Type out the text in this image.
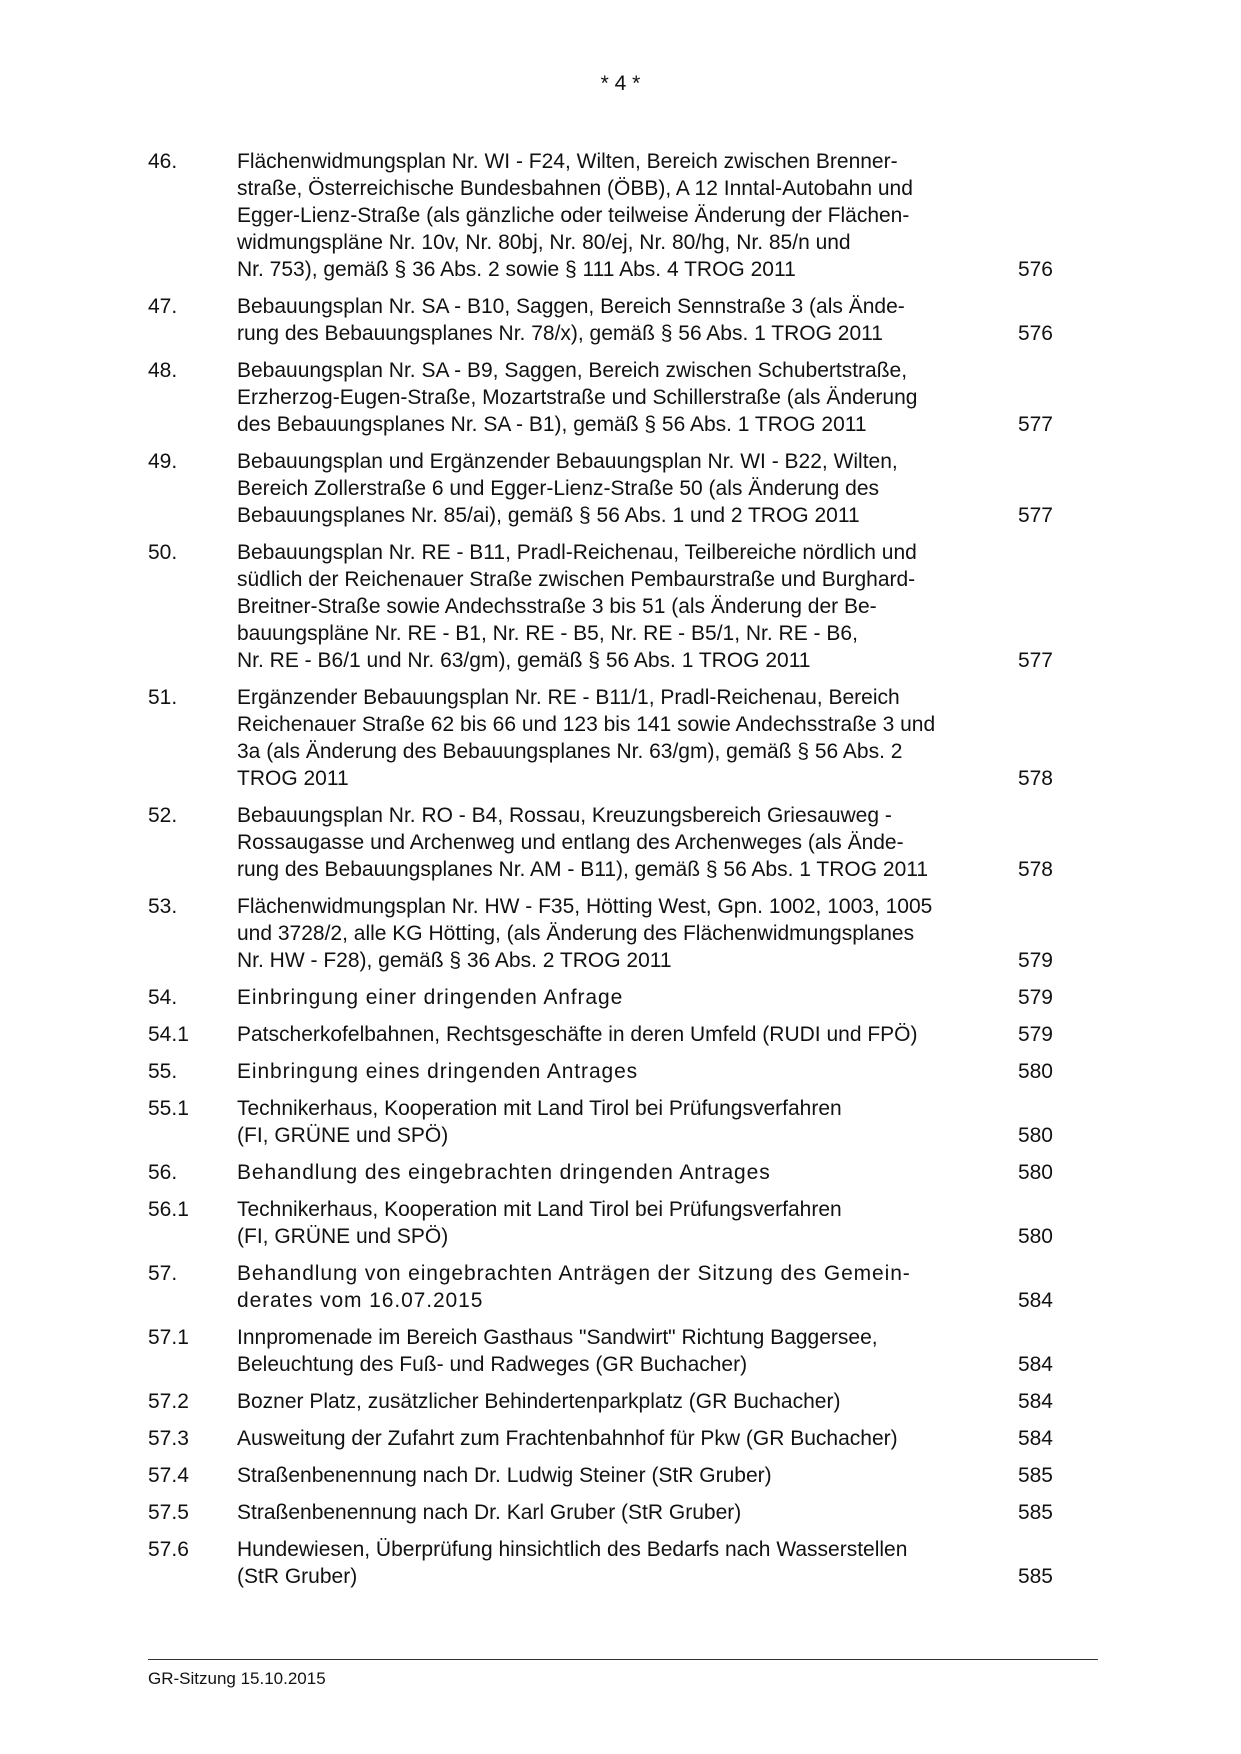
* 4 *
46.	Flächenwidmungsplan Nr. WI - F24, Wilten, Bereich zwischen Brenner-
straße, Österreichische Bundesbahnen (ÖBB), A 12 Inntal-Autobahn und
Egger-Lienz-Straße (als gänzliche oder teilweise Änderung der Flächen-
widmungspläne Nr. 10v, Nr. 80bj, Nr. 80/ej, Nr. 80/hg, Nr. 85/n und
Nr. 753), gemäß § 36 Abs. 2 sowie § 111 Abs. 4 TROG 2011	576
47.	Bebauungsplan Nr. SA - B10, Saggen, Bereich Sennstraße 3 (als Ände-
rung des Bebauungsplanes Nr. 78/x), gemäß § 56 Abs. 1 TROG 2011	576
48.	Bebauungsplan Nr. SA - B9, Saggen, Bereich zwischen Schubertstraße,
Erzherzog-Eugen-Straße, Mozartstraße und Schillerstraße (als Änderung
des Bebauungsplanes Nr. SA - B1), gemäß § 56 Abs. 1 TROG 2011	577
49.	Bebauungsplan und Ergänzender Bebauungsplan Nr. WI - B22, Wilten,
Bereich Zollerstraße 6 und Egger-Lienz-Straße 50 (als Änderung des
Bebauungsplanes Nr. 85/ai), gemäß § 56 Abs. 1 und 2 TROG 2011	577
50.	Bebauungsplan Nr. RE - B11, Pradl-Reichenau, Teilbereiche nördlich und
südlich der Reichenauer Straße zwischen Pembaurstraße und Burghard-
Breitner-Straße sowie Andechsstraße 3 bis 51 (als Änderung der Be-
bauungspläne Nr. RE - B1, Nr. RE - B5, Nr. RE - B5/1, Nr. RE - B6,
Nr. RE - B6/1 und Nr. 63/gm), gemäß § 56 Abs. 1 TROG 2011	577
51.	Ergänzender Bebauungsplan Nr. RE - B11/1, Pradl-Reichenau, Bereich
Reichenauer Straße 62 bis 66 und 123 bis 141 sowie Andechsstraße 3 und
3a (als Änderung des Bebauungsplanes Nr. 63/gm), gemäß § 56 Abs. 2
TROG 2011	578
52.	Bebauungsplan Nr. RO - B4, Rossau, Kreuzungsbereich Griesauweg -
Rossaugasse und Archenweg und entlang des Archenweges (als Ände-
rung des Bebauungsplanes Nr. AM - B11), gemäß § 56 Abs. 1 TROG 2011	578
53.	Flächenwidmungsplan Nr. HW - F35, Hötting West, Gpn. 1002, 1003, 1005
und 3728/2, alle KG Hötting, (als Änderung des Flächenwidmungsplanes
Nr. HW - F28), gemäß § 36 Abs. 2 TROG 2011	579
54.	Einbringung einer dringenden Anfrage	579
54.1	Patscherkofelbahnen, Rechtsgeschäfte in deren Umfeld (RUDI und FPÖ)	579
55.	Einbringung eines dringenden Antrages	580
55.1	Technikerhaus, Kooperation mit Land Tirol bei Prüfungsverfahren
(FI, GRÜNE und SPÖ)	580
56.	Behandlung des eingebrachten dringenden Antrages	580
56.1	Technikerhaus, Kooperation mit Land Tirol bei Prüfungsverfahren
(FI, GRÜNE und SPÖ)	580
57.	Behandlung von eingebrachten Anträgen der Sitzung des Gemein-
derates vom 16.07.2015	584
57.1	Innpromenade im Bereich Gasthaus "Sandwirt" Richtung Baggersee,
Beleuchtung des Fuß- und Radweges (GR Buchacher)	584
57.2	Bozner Platz, zusätzlicher Behindertenparkplatz (GR Buchacher)	584
57.3	Ausweitung der Zufahrt zum Frachtenbahnhof für Pkw (GR Buchacher)	584
57.4	Straßenbenennung nach Dr. Ludwig Steiner (StR Gruber)	585
57.5	Straßenbenennung nach Dr. Karl Gruber (StR Gruber)	585
57.6	Hundewiesen, Überprüfung hinsichtlich des Bedarfs nach Wasserstellen
(StR Gruber)	585
GR-Sitzung 15.10.2015
